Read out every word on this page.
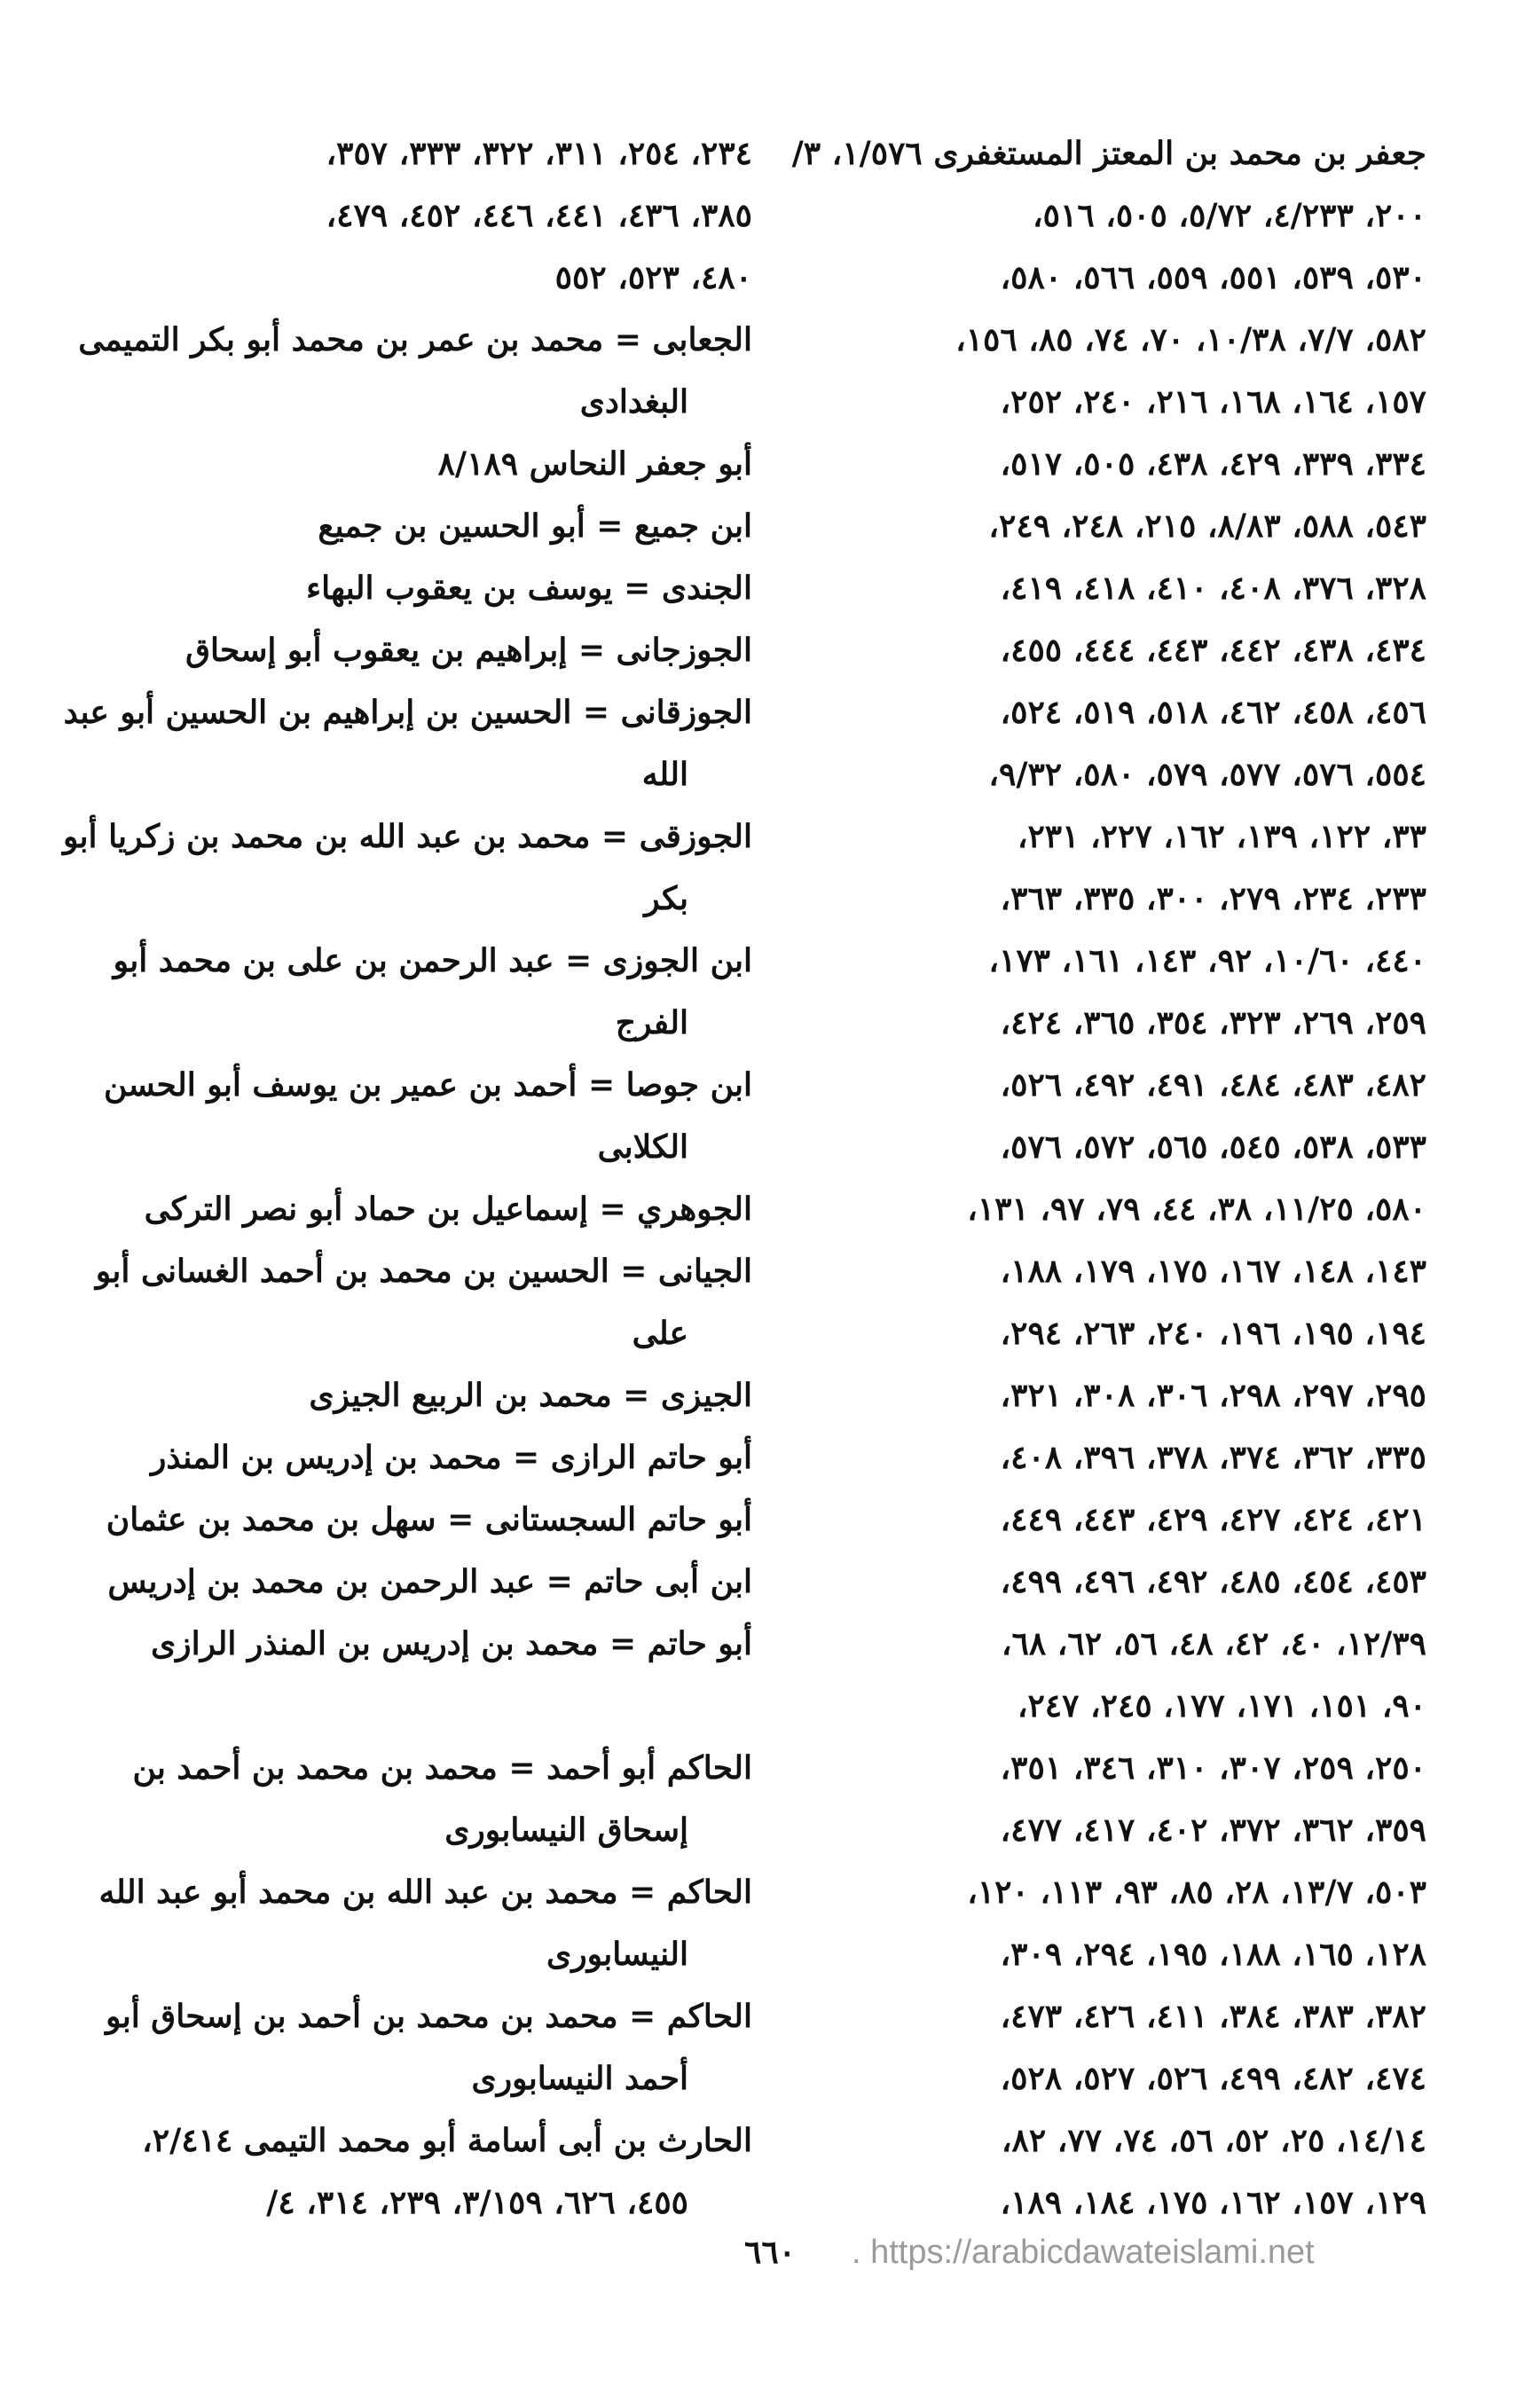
جعفر بن محمد بن المعتز المستغفرى ١/٥٧٦، ٣/
٢٠٠، ٤/٢٣٣، ٥/٧٢، ٥٠٥، ٥١٦،
٥٣٠، ٥٣٩، ٥٥١، ٥٥٩، ٥٦٦، ٥٨٠،
٥٨٢، ٧/٧، ١٠/٣٨، ٧٠، ٧٤، ٨٥، ١٥٦،
١٥٧، ١٦٤، ١٦٨، ٢١٦، ٢٤٠، ٢٥٢،
٣٣٤، ٣٣٩، ٤٢٩، ٤٣٨، ٥٠٥، ٥١٧،
٥٤٣، ٥٨٨، ٨/٨٣، ٢١٥، ٢٤٨، ٢٤٩،
٣٢٨، ٣٧٦، ٤٠٨، ٤١٠، ٤١٨، ٤١٩،
٤٣٤، ٤٣٨، ٤٤٢، ٤٤٣، ٤٤٤، ٤٥٥،
٤٥٦، ٤٥٨، ٤٦٢، ٥١٨، ٥١٩، ٥٢٤،
٥٥٤، ٥٧٦، ٥٧٧، ٥٧٩، ٥٨٠، ٩/٣٢،
٣٣، ١٢٢، ١٣٩، ١٦٢، ٢٢٧، ٢٣١،
٢٣٣، ٢٣٤، ٢٧٩، ٣٠٠، ٣٣٥، ٣٦٣،
٤٤٠، ١٠/٦٠، ٩٢، ١٤٣، ١٦١، ١٧٣،
٢٥٩، ٢٦٩، ٣٢٣، ٣٥٤، ٣٦٥، ٤٢٤،
٤٨٢، ٤٨٣، ٤٨٤، ٤٩١، ٤٩٢، ٥٢٦،
٥٣٣، ٥٣٨، ٥٤٥، ٥٦٥، ٥٧٢، ٥٧٦،
٥٨٠، ١١/٢٥، ٣٨، ٤٤، ٧٩، ٩٧، ١٣١،
١٤٣، ١٤٨، ١٦٧، ١٧٥، ١٧٩، ١٨٨،
١٩٤، ١٩٥، ١٩٦، ٢٤٠، ٢٦٣، ٢٩٤،
٢٩٥، ٢٩٧، ٢٩٨، ٣٠٦، ٣٠٨، ٣٢١،
٣٣٥، ٣٦٢، ٣٧٤، ٣٧٨، ٣٩٦، ٤٠٨،
٤٢١، ٤٢٤، ٤٢٧، ٤٢٩، ٤٤٣، ٤٤٩،
٤٥٣، ٤٥٤، ٤٨٥، ٤٩٢، ٤٩٦، ٤٩٩،
١٢/٣٩، ٤٠، ٤٢، ٤٨، ٥٦، ٦٢، ٦٨،
٩٠، ١٥١، ١٧١، ١٧٧، ٢٤٥، ٢٤٧،
٢٥٠، ٢٥٩، ٣٠٧، ٣١٠، ٣٤٦، ٣٥١،
٣٥٩، ٣٦٢، ٣٧٢، ٤٠٢، ٤١٧، ٤٧٧،
٥٠٣، ١٣/٧، ٢٨، ٨٥، ٩٣، ١١٣، ١٢٠،
١٢٨، ١٦٥، ١٨٨، ١٩٥، ٢٩٤، ٣٠٩،
٣٨٢، ٣٨٣، ٣٨٤، ٤١١، ٤٢٦، ٤٧٣،
٤٧٤، ٤٨٢، ٤٩٩، ٥٢٦، ٥٢٧، ٥٢٨،
١٤/١٤، ٢٥، ٥٢، ٥٦، ٧٤، ٧٧، ٨٢،
١٢٩، ١٥٧، ١٦٢، ١٧٥، ١٨٤، ١٨٩،
٢٣٤، ٢٥٤، ٣١١، ٣٢٢، ٣٣٣، ٣٥٧،
٣٨٥، ٤٣٦، ٤٤١، ٤٤٦، ٤٥٢، ٤٧٩،
٤٨٠، ٥٢٣، ٥٥٢
الجعابى = محمد بن عمر بن محمد أبو بكر التميمى
البغدادى
أبو جعفر النحاس ٨/١٨٩
ابن جميع = أبو الحسين بن جميع
الجندى = يوسف بن يعقوب البهاء
الجوزجانى = إبراهيم بن يعقوب أبو إسحاق
الجوزقانى = الحسين بن إبراهيم بن الحسين أبو عبد
الله
الجوزقى = محمد بن عبد الله بن محمد بن زكريا أبو
بكر
ابن الجوزى = عبد الرحمن بن على بن محمد أبو
الفرج
ابن جوصا = أحمد بن عمير بن يوسف أبو الحسن
الكلابى
الجوهري = إسماعيل بن حماد أبو نصر التركى
الجيانى = الحسين بن محمد بن أحمد الغسانى أبو
على
الجيزى = محمد بن الربيع الجيزى
أبو حاتم الرازى = محمد بن إدريس بن المنذر
أبو حاتم السجستانى = سهل بن محمد بن عثمان
ابن أبى حاتم = عبد الرحمن بن محمد بن إدريس
أبو حاتم = محمد بن إدريس بن المنذر الرازى
الحاكم أبو أحمد = محمد بن محمد بن أحمد بن
إسحاق النيسابورى
الحاكم = محمد بن عبد الله بن محمد أبو عبد الله
النيسابورى
الحاكم = محمد بن محمد بن أحمد بن إسحاق أبو
أحمد النيسابورى
الحارث بن أبى أسامة أبو محمد التيمى ٢/٤١٤،
٤٥٥، ٦٢٦، ٣/١٥٩، ٢٣٩، ٣١٤، ٤/
٦٦٠	. https://arabicdawateislami.net
